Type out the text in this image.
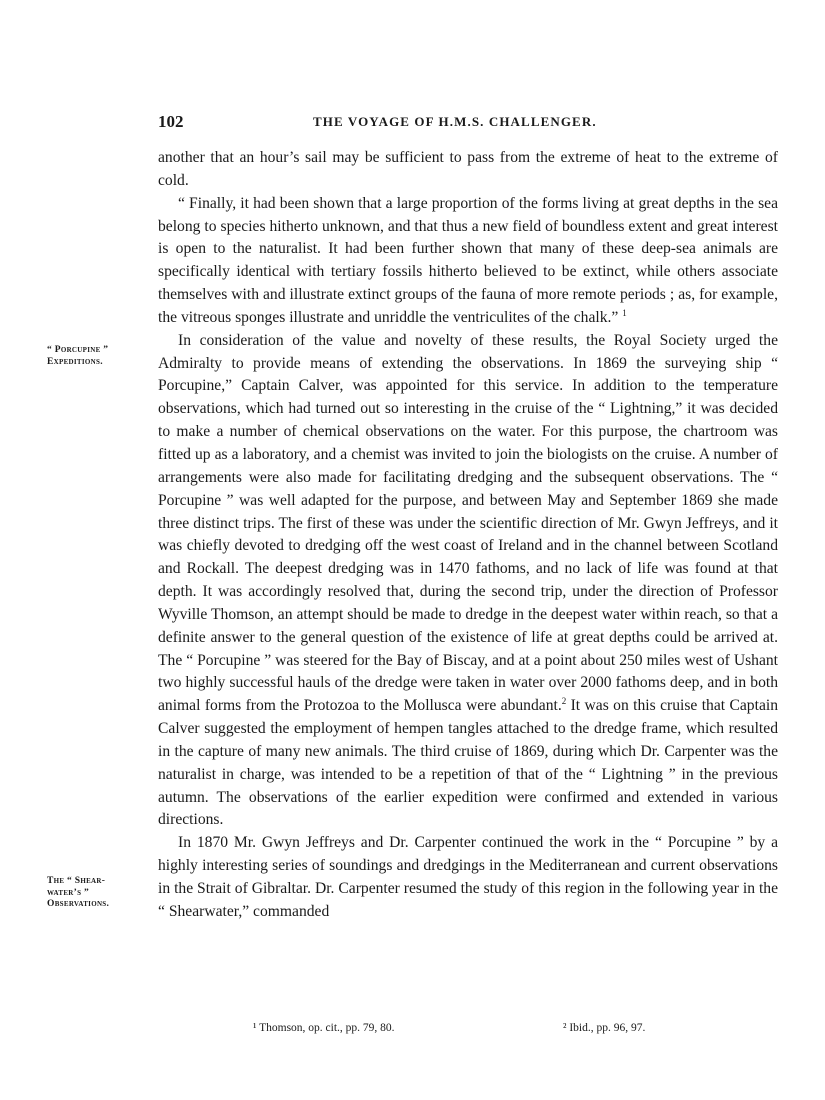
102	THE VOYAGE OF H.M.S. CHALLENGER.
“ Porcupine ”
Expeditions.
The “ Shear-
water’s ”
Observations.

another that an hour’s sail may be sufficient to pass from the extreme of heat to the extreme of cold.

“ Finally, it had been shown that a large proportion of the forms living at great depths in the sea belong to species hitherto unknown, and that thus a new field of boundless extent and great interest is open to the naturalist. It had been further shown that many of these deep-sea animals are specifically identical with tertiary fossils hitherto believed to be extinct, while others associate themselves with and illustrate extinct groups of the fauna of more remote periods ; as, for example, the vitreous sponges illustrate and unriddle the ventriculites of the chalk.” $^1$

In consideration of the value and novelty of these results, the Royal Society urged the Admiralty to provide means of extending the observations. In 1869 the surveying ship “ Porcupine,” Captain Calver, was appointed for this service. In addition to the temperature observations, which had turned out so interesting in the cruise of the “ Lightning,” it was decided to make a number of chemical observations on the water. For this purpose, the chartroom was fitted up as a laboratory, and a chemist was invited to join the biologists on the cruise. A number of arrangements were also made for facilitating dredging and the subsequent observations. The “ Porcupine ” was well adapted for the purpose, and between May and September 1869 she made three distinct trips. The first of these was under the scientific direction of Mr. Gwyn Jeffreys, and it was chiefly devoted to dredging off the west coast of Ireland and in the channel between Scotland and Rockall. The deepest dredging was in 1470 fathoms, and no lack of life was found at that depth. It was accordingly resolved that, during the second trip, under the direction of Professor Wyville Thomson, an attempt should be made to dredge in the deepest water within reach, so that a definite answer to the general question of the existence of life at great depths could be arrived at. The “ Porcupine ” was steered for the Bay of Biscay, and at a point about 250 miles west of Ushant two highly successful hauls of the dredge were taken in water over 2000 fathoms deep, and in both animal forms from the Protozoa to the Mollusca were abundant.$^2$ It was on this cruise that Captain Calver suggested the employment of hempen tangles attached to the dredge frame, which resulted in the capture of many new animals. The third cruise of 1869, during which Dr. Carpenter was the naturalist in charge, was intended to be a repetition of that of the “ Lightning ” in the previous autumn. The observations of the earlier expedition were confirmed and extended in various directions.

In 1870 Mr. Gwyn Jeffreys and Dr. Carpenter continued the work in the “ Porcupine ” by a highly interesting series of soundings and dredgings in the Mediterranean and current observations in the Strait of Gibraltar. Dr. Carpenter resumed the study of this region in the following year in the “ Shearwater,” commanded

¹ Thomson, op. cit., pp. 79, 80.	² Ibid., pp. 96, 97.
